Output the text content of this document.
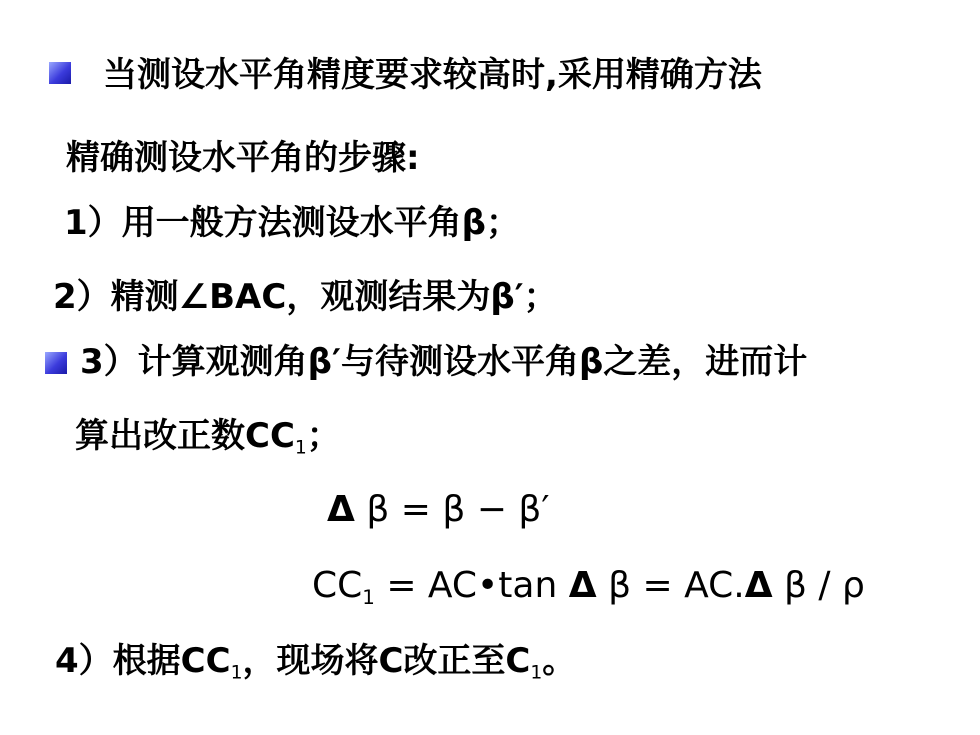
当测设水平角精度要求较高时,采用精确方法
精确测设水平角的步骤:
1）用一般方法测设水平角β；
2）精测∠BAC，观测结果为β′；
3）计算观测角β′与待测设水平角β之差，进而计
算出改正数$CC_1$；
Δ β = β − β′
$CC_1$ = AC•tan Δ β = AC.Δ β ∕ ρ
4）根据$CC_1$，现场将C改正至$C_1$。
